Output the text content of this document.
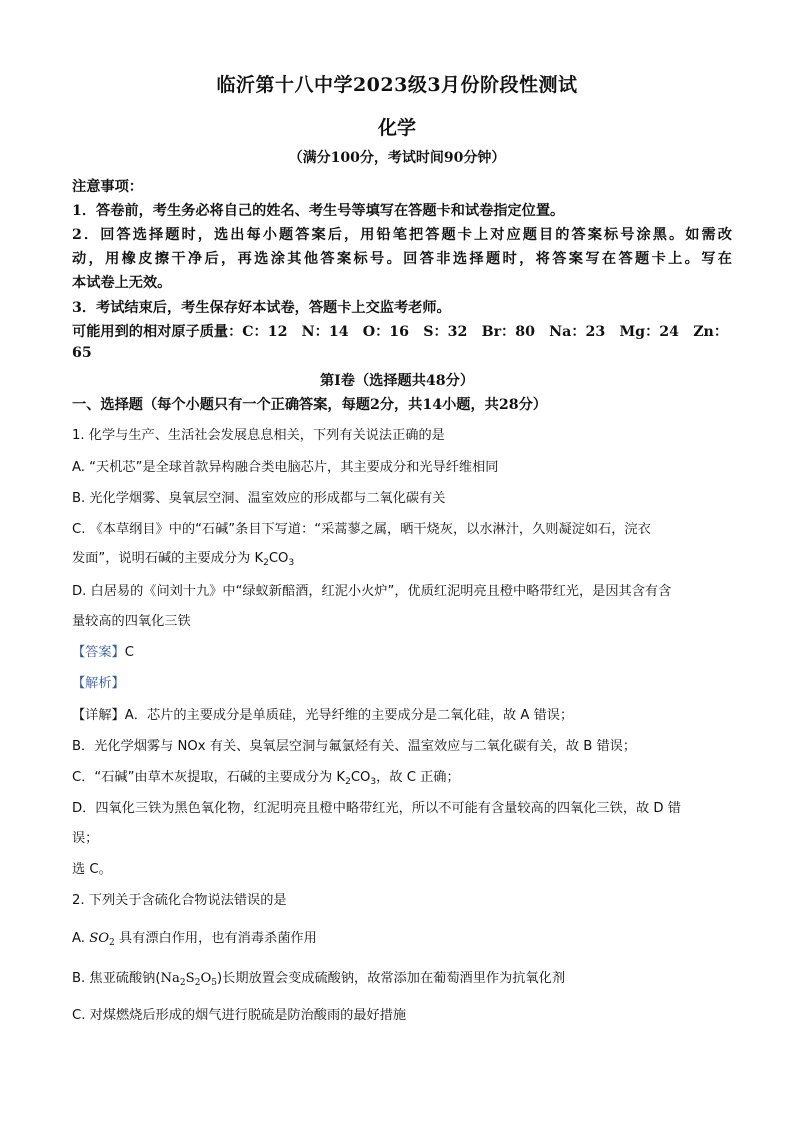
临沂第十八中学2023级3月份阶段性测试
化学
（满分100分，考试时间90分钟）
注意事项：
1．答卷前，考生务必将自己的姓名、考生号等填写在答题卡和试卷指定位置。
2．回答选择题时，选出每小题答案后，用铅笔把答题卡上对应题目的答案标号涂黑。如需改
动，用橡皮擦干净后，再选涂其他答案标号。回答非选择题时，将答案写在答题卡上。写在
本试卷上无效。
3．考试结束后，考生保存好本试卷，答题卡上交监考老师。
可能用到的相对原子质量：C：12　N：14　O：16　S：32　Br：80　Na：23　Mg：24　Zn：
65
第Ⅰ卷（选择题共48分）
一、选择题（每个小题只有一个正确答案，每题2分，共14小题，共28分）
1. 化学与生产、生活社会发展息息相关，下列有关说法正确的是
A. “天机芯”是全球首款异构融合类电脑芯片，其主要成分和光导纤维相同
B. 光化学烟雾、臭氧层空洞、温室效应的形成都与二氧化碳有关
C. 《本草纲目》中的“石碱”条目下写道：“采蒿蓼之属，晒干烧灰，以水淋汁，久则凝淀如石，浣衣
发面”，说明石碱的主要成分为 $K_2CO_3$
D. 白居易的《问刘十九》中“绿蚁新醅酒，红泥小火炉”，优质红泥明亮且橙中略带红光，是因其含有含
量较高的四氧化三铁
【答案】C
【解析】
【详解】A．芯片的主要成分是单质硅，光导纤维的主要成分是二氧化硅，故 A 错误；
B．光化学烟雾与 NOx 有关、臭氧层空洞与氟氯烃有关、温室效应与二氧化碳有关，故 B 错误；
C．“石碱”由草木灰提取，石碱的主要成分为 $K_2CO_3$，故 C 正确；
D．四氧化三铁为黑色氧化物，红泥明亮且橙中略带红光，所以不可能有含量较高的四氧化三铁，故 D 错
误；
选 C。
2. 下列关于含硫化合物说法错误的是
A. $SO_2$ 具有漂白作用，也有消毒杀菌作用
B. 焦亚硫酸钠$(Na_2S_2O_5)$长期放置会变成硫酸钠，故常添加在葡萄酒里作为抗氧化剂
C. 对煤燃烧后形成的烟气进行脱硫是防治酸雨的最好措施
